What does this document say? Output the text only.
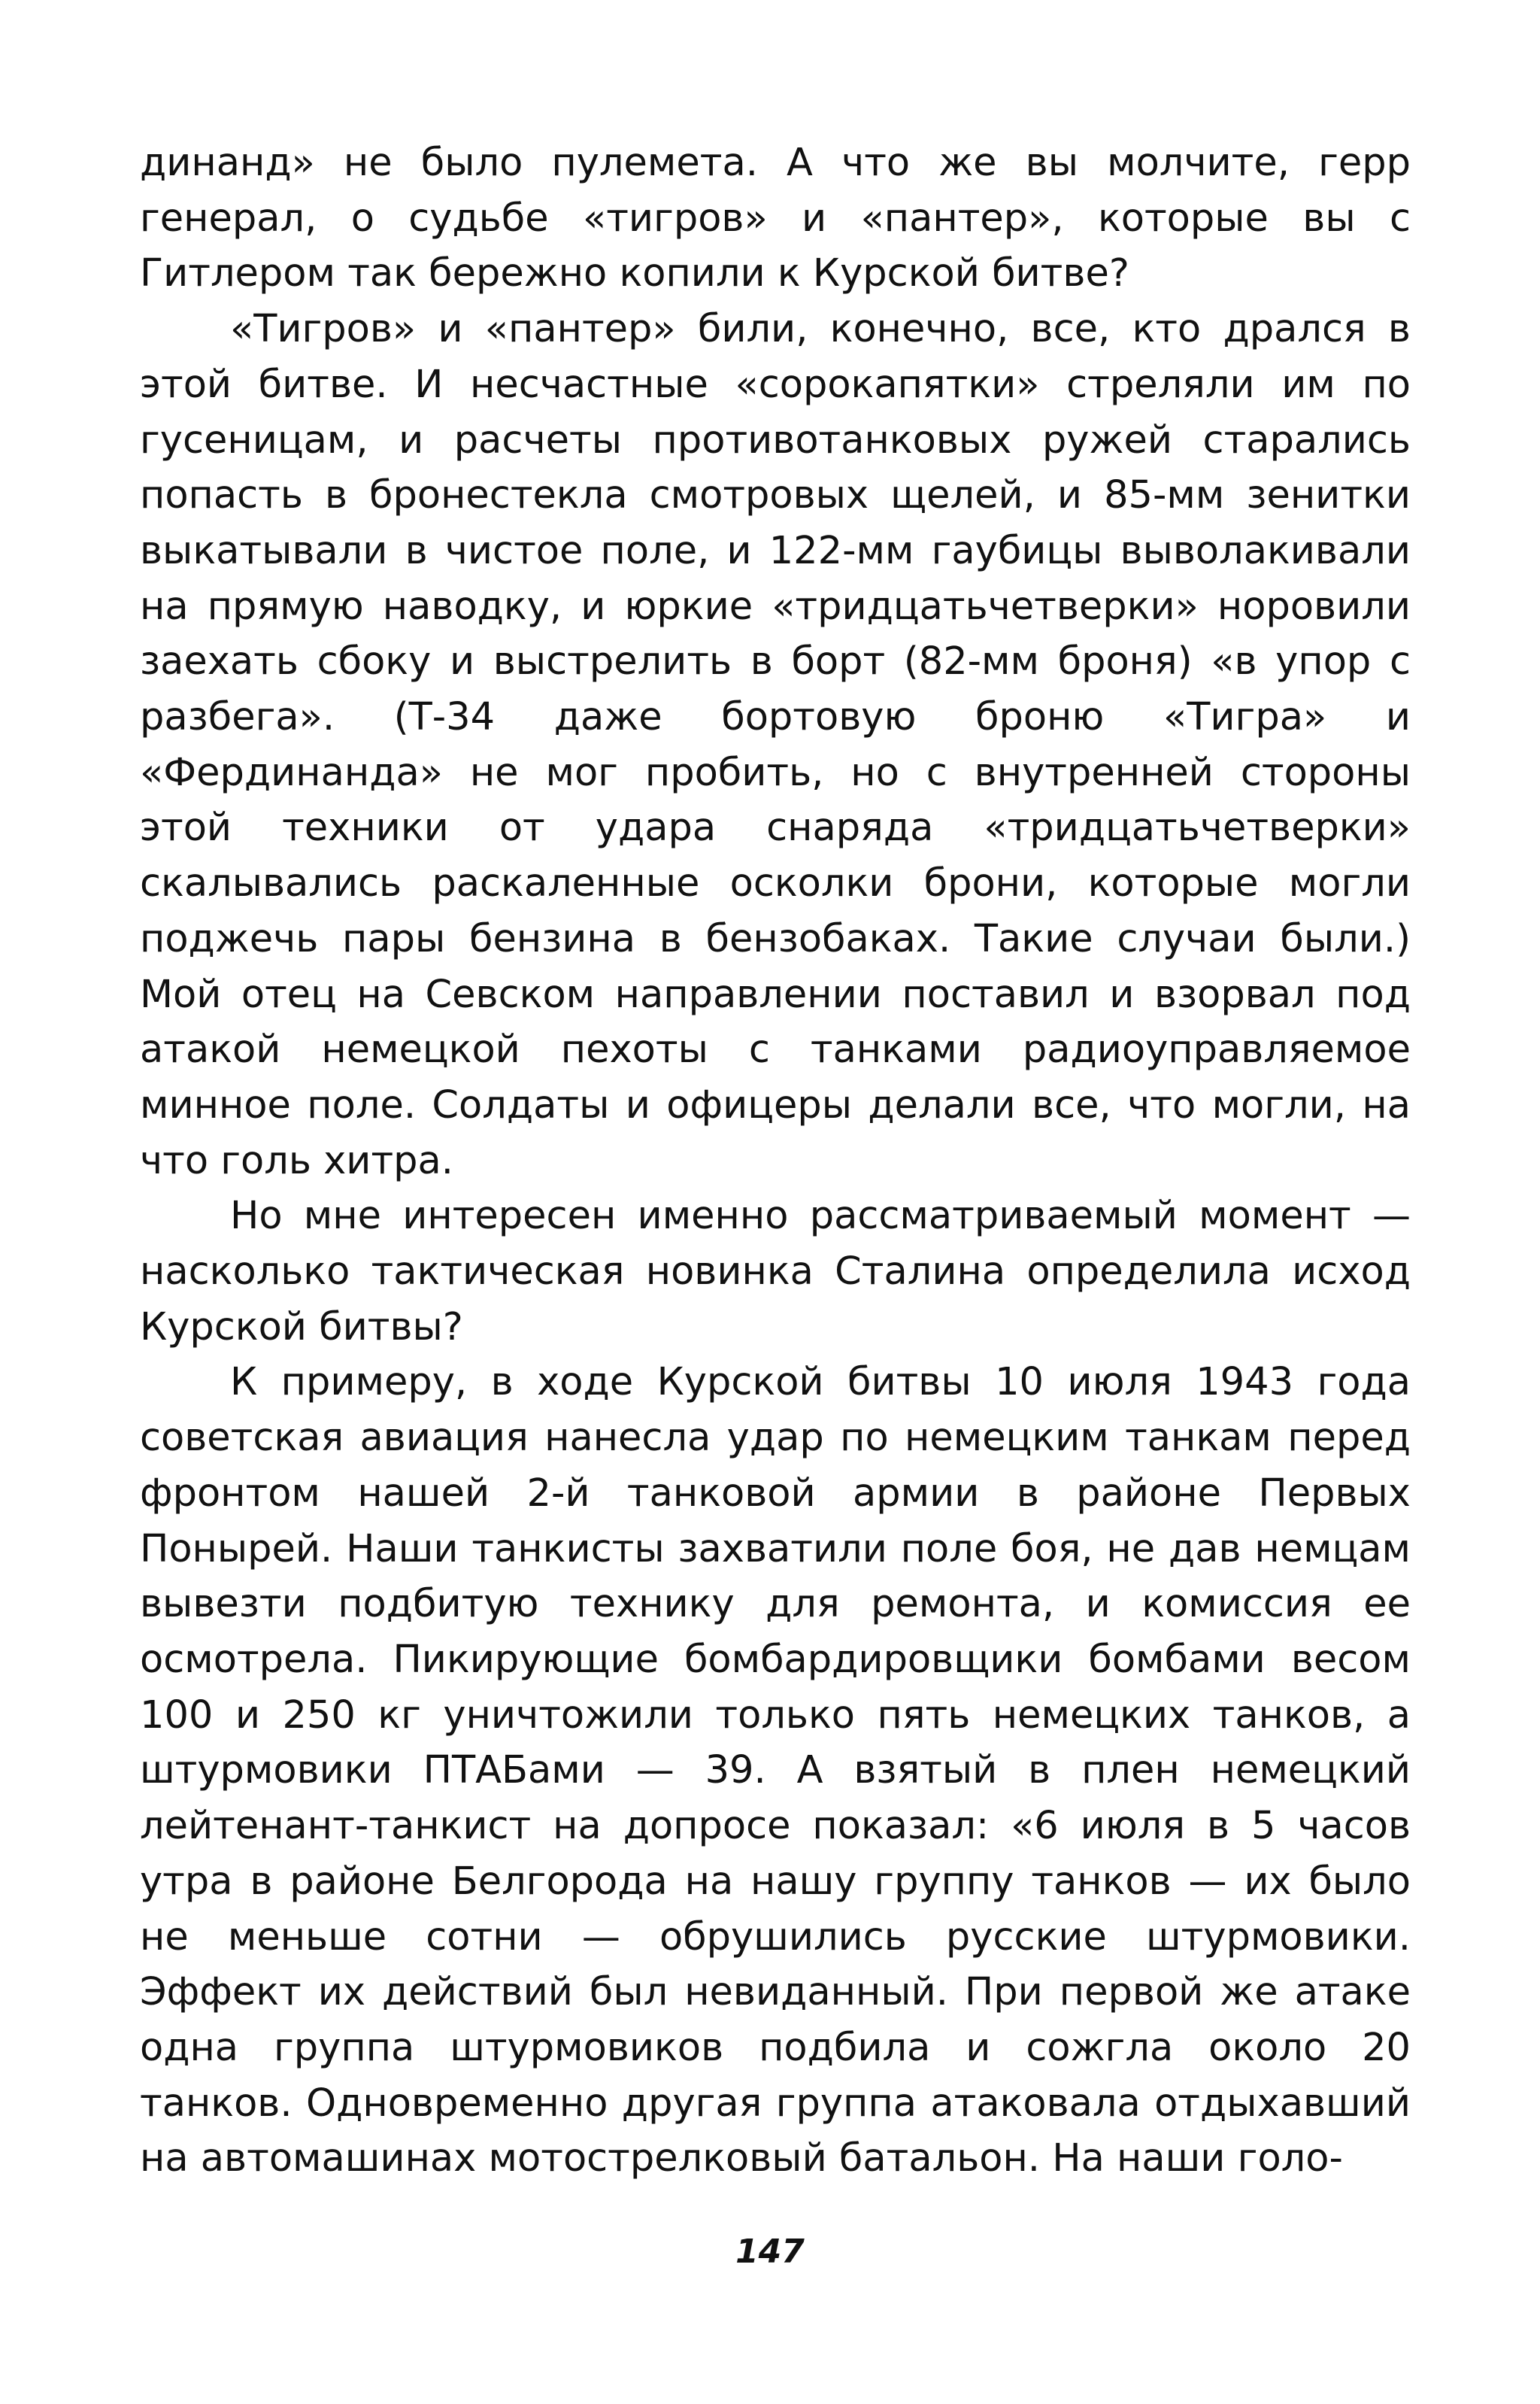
динанд» не было пулемета. А что же вы молчите, герр генерал, о судьбе «тигров» и «пантер», которые вы с Гитлером так бережно копили к Курской битве?

«Тигров» и «пантер» били, конечно, все, кто дрался в этой битве. И несчастные «сорокапятки» стреляли им по гусеницам, и расчеты противотанковых ружей старались попасть в бронестекла смотровых щелей, и 85-мм зенитки выкатывали в чистое поле, и 122-мм гаубицы выволакивали на прямую наводку, и юркие «тридцатьчетверки» норовили заехать сбоку и выстрелить в борт (82-мм броня) «в упор с разбега». (Т-34 даже бортовую броню «Тигра» и «Фердинанда» не мог пробить, но с внутренней стороны этой техники от удара снаряда «тридцатьчетверки» скалывались раскаленные осколки брони, которые могли поджечь пары бензина в бензобаках. Такие случаи были.) Мой отец на Севском направлении поставил и взорвал под атакой немецкой пехоты с танками радиоуправляемое минное поле. Солдаты и офицеры делали все, что могли, на что голь хитра.

Но мне интересен именно рассматриваемый момент — насколько тактическая новинка Сталина определила исход Курской битвы?

К примеру, в ходе Курской битвы 10 июля 1943 года советская авиация нанесла удар по немецким танкам перед фронтом нашей 2-й танковой армии в районе Первых Понырей. Наши танкисты захватили поле боя, не дав немцам вывезти подбитую технику для ремонта, и комиссия ее осмотрела. Пикирующие бомбардировщики бомбами весом 100 и 250 кг уничтожили только пять немецких танков, а штурмовики ПТАБами — 39. А взятый в плен немецкий лейтенант-танкист на допросе показал: «6 июля в 5 часов утра в районе Белгорода на нашу группу танков — их было не меньше сотни — обрушились русские штурмовики. Эффект их действий был невиданный. При первой же атаке одна группа штурмовиков подбила и сожгла около 20 танков. Одновременно другая группа атаковала отдыхавший на автомашинах мотострелковый батальон. На наши голо-

147
